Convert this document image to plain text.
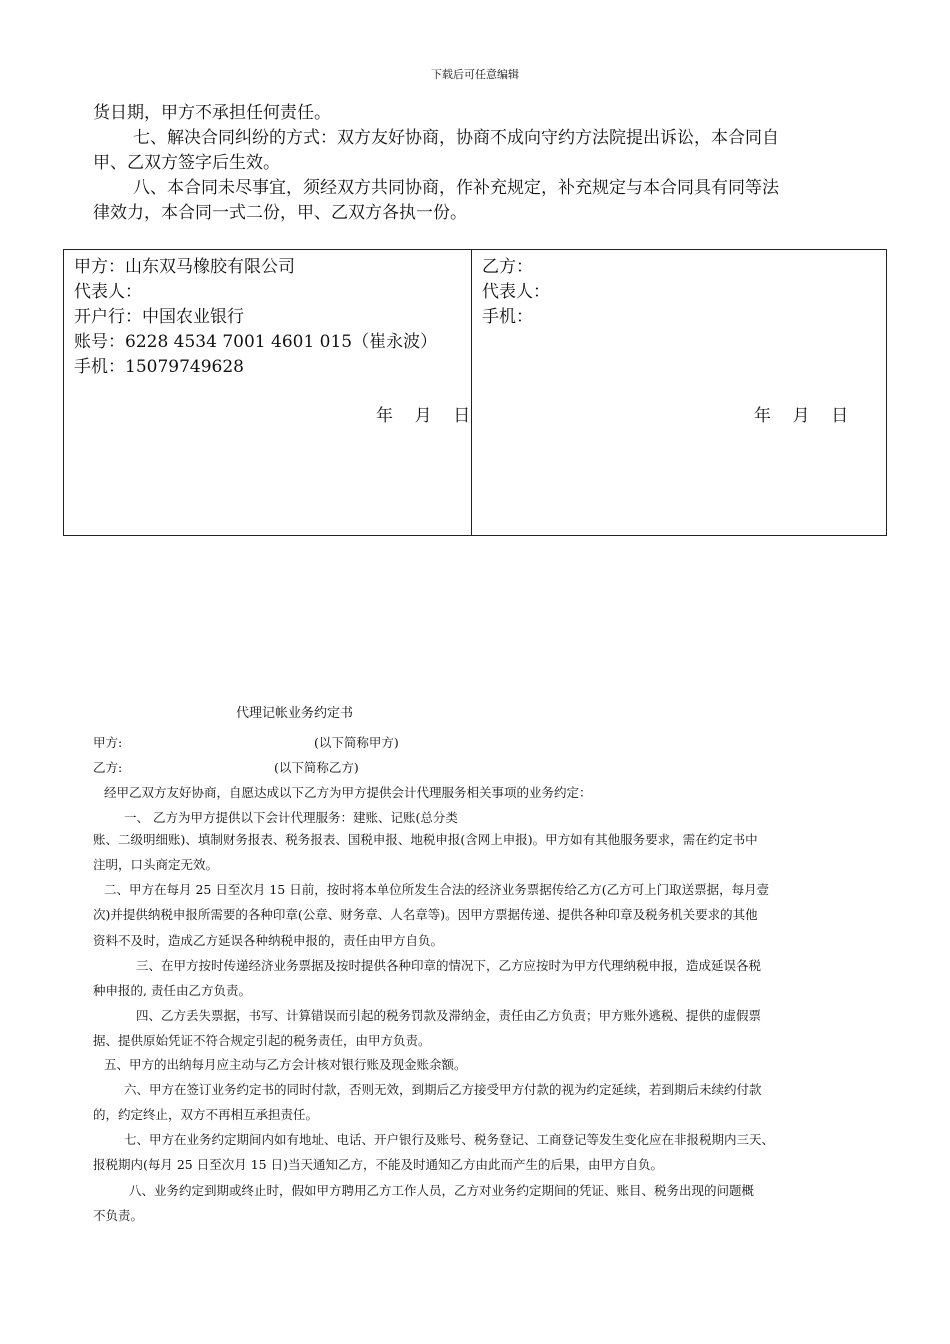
下载后可任意编辑
货日期，甲方不承担任何责任。
七、解决合同纠纷的方式：双方友好协商，协商不成向守约方法院提出诉讼，本合同自
甲、乙双方签字后生效。
八、本合同未尽事宜，须经双方共同协商，作补充规定，补充规定与本合同具有同等法
律效力，本合同一式二份，甲、乙双方各执一份。
甲方：山东双马橡胶有限公司
代表人：
开户行：中国农业银行
账号：6228 4534 7001 4601 015（崔永波）
手机：15079749628
年    月    日

乙方：
代表人：
手机：
年    月    日
代理记帐业务约定书
甲方:	(以下简称甲方)
乙方:	(以下简称乙方)
经甲乙双方友好协商，自愿达成以下乙方为甲方提供会计代理服务相关事项的业务约定：
一、 乙方为甲方提供以下会计代理服务：建账、记账(总分类
账、二级明细账)、填制财务报表、税务报表、国税申报、地税申报(含网上申报)。甲方如有其他服务要求，需在约定书中
注明，口头商定无效。
二、甲方在每月 25 日至次月 15 日前，按时将本单位所发生合法的经济业务票据传给乙方(乙方可上门取送票据，每月壹
次)并提供纳税申报所需要的各种印章(公章、财务章、人名章等)。因甲方票据传递、提供各种印章及税务机关要求的其他
资料不及时，造成乙方延误各种纳税申报的，责任由甲方自负。
三、在甲方按时传递经济业务票据及按时提供各种印章的情况下，乙方应按时为甲方代理纳税申报，造成延误各税
种申报的, 责任由乙方负责。
四、乙方丢失票据，书写、计算错误而引起的税务罚款及滞纳金，责任由乙方负责；甲方账外逃税、提供的虚假票
据、提供原始凭证不符合规定引起的税务责任，由甲方负责。
五、甲方的出纳每月应主动与乙方会计核对银行账及现金账余额。
六、甲方在签订业务约定书的同时付款，否则无效，到期后乙方接受甲方付款的视为约定延续，若到期后未续约付款
的，约定终止，双方不再相互承担责任。
七、甲方在业务约定期间内如有地址、电话、开户银行及账号、税务登记、工商登记等发生变化应在非报税期内三天、
报税期内(每月 25 日至次月 15 日)当天通知乙方，不能及时通知乙方由此而产生的后果，由甲方自负。
八、业务约定到期或终止时，假如甲方聘用乙方工作人员，乙方对业务约定期间的凭证、账目、税务出现的问题概
不负责。
